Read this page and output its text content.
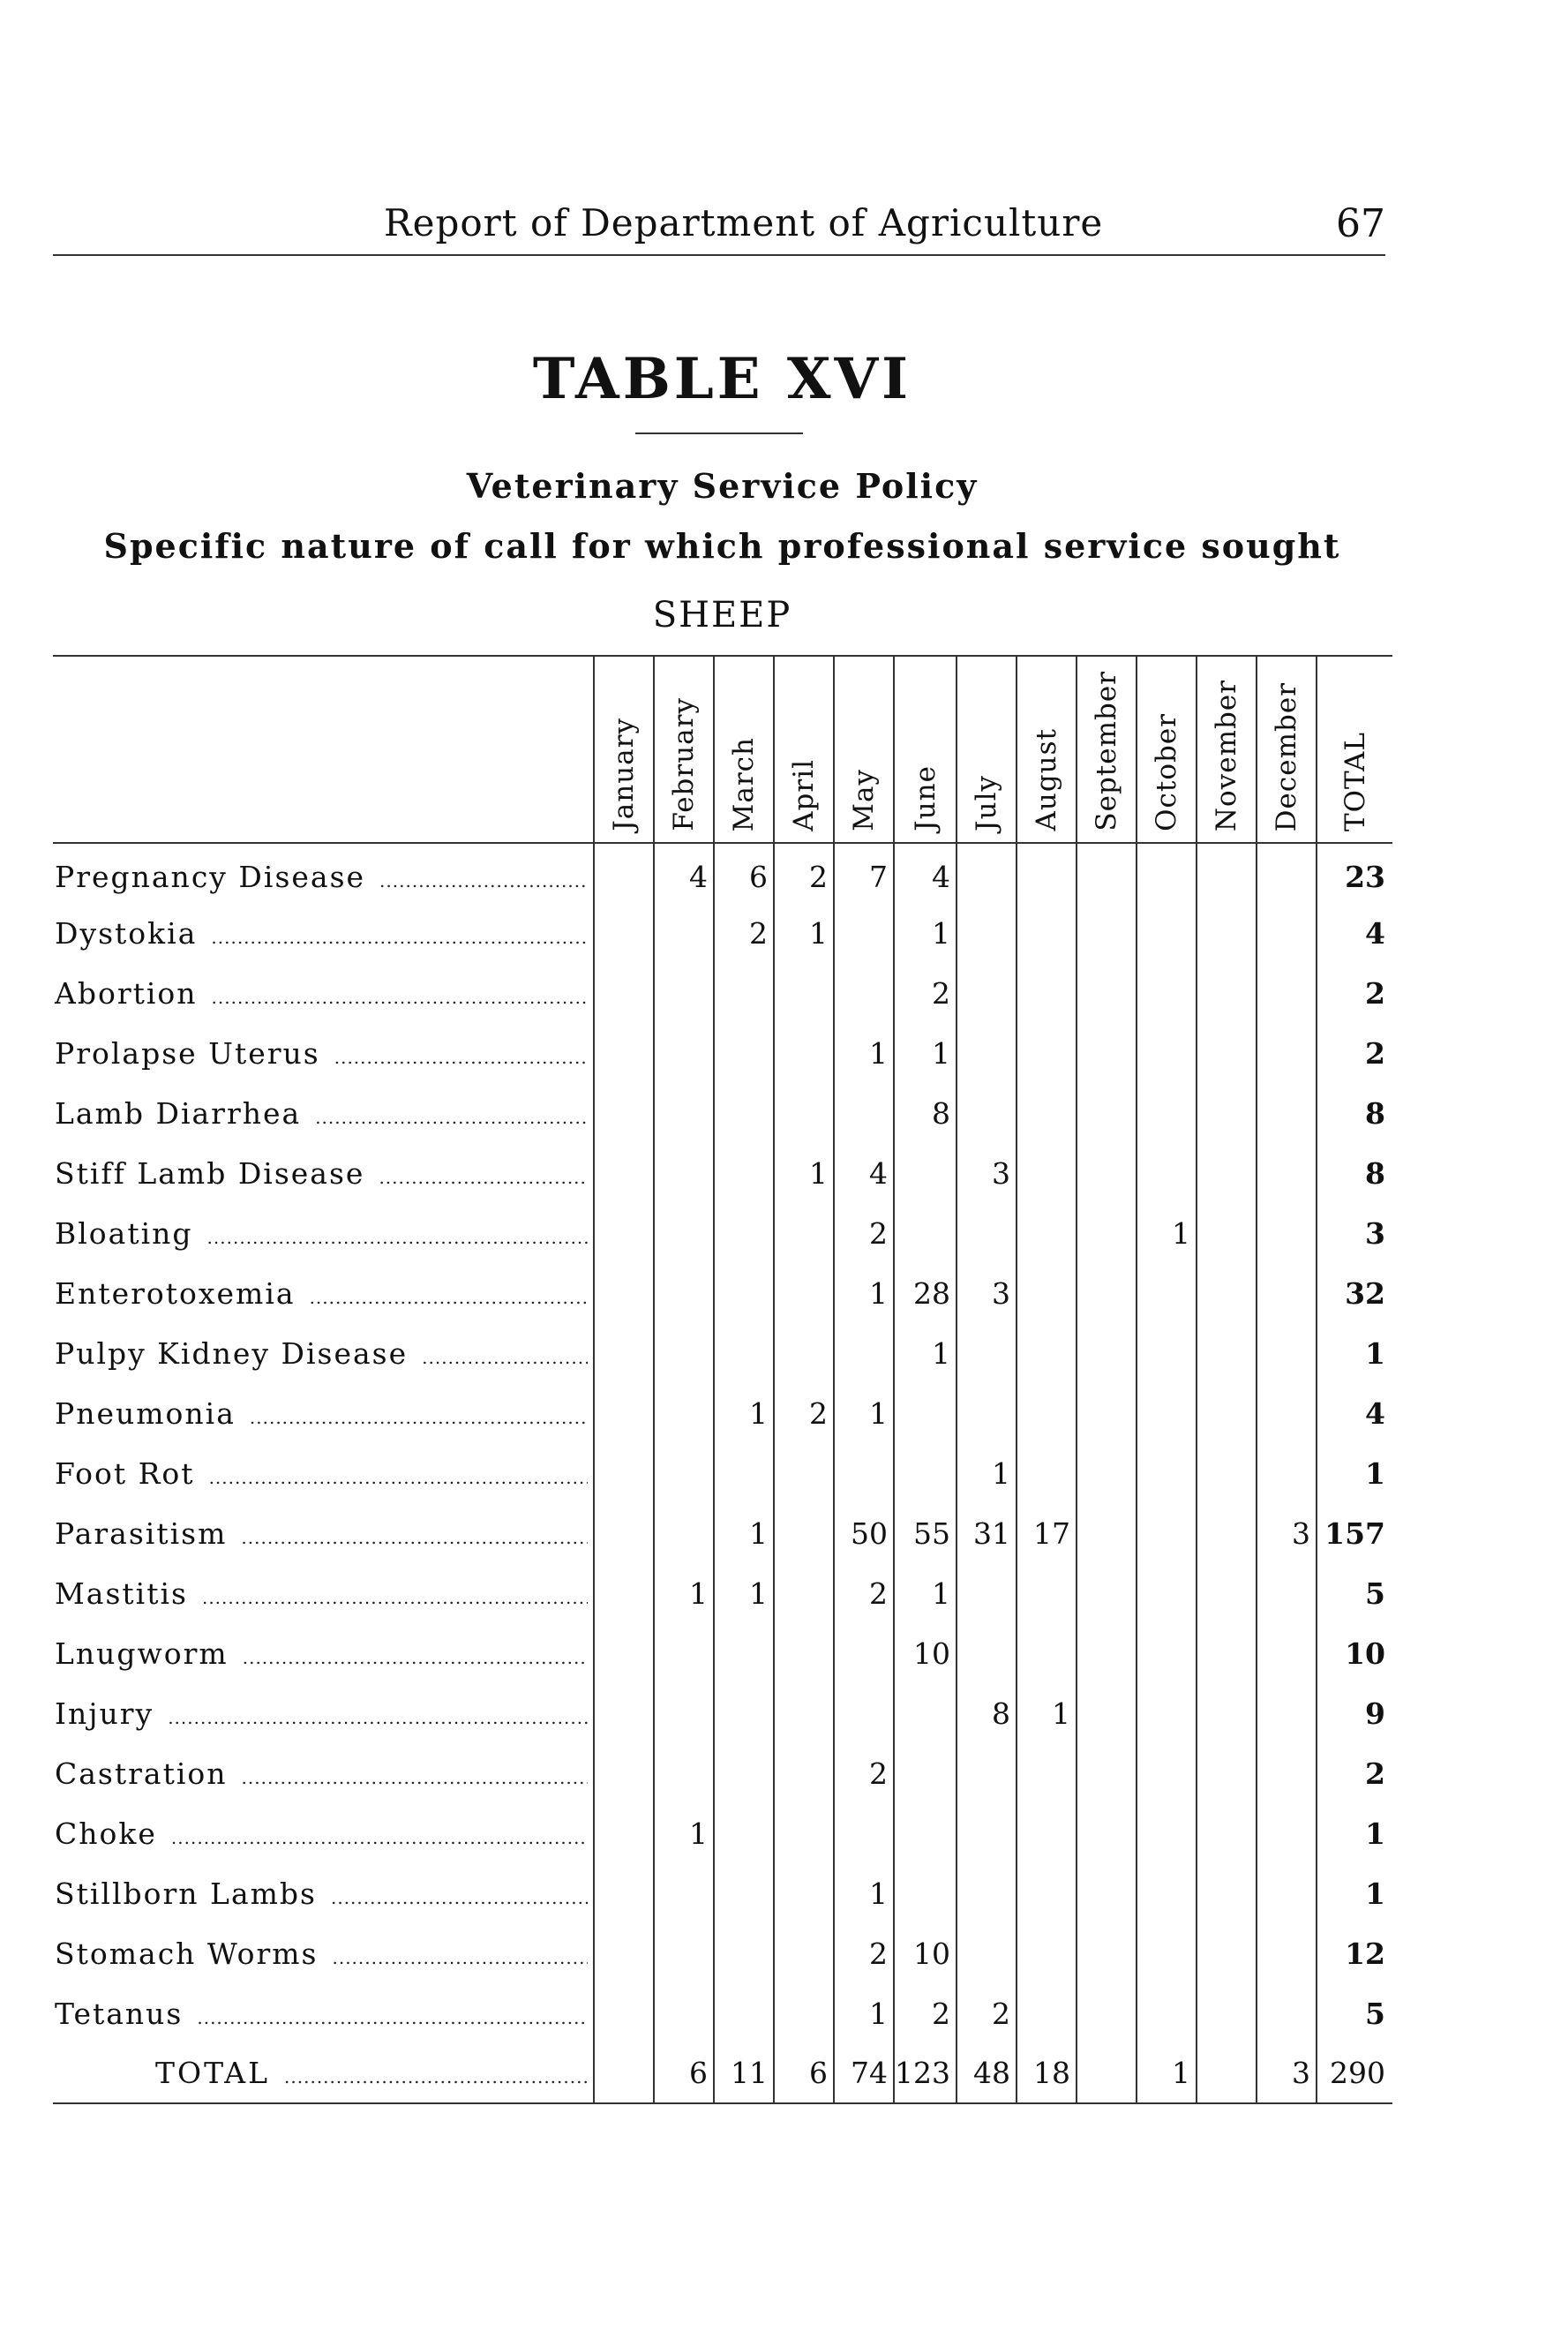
Report of Department of Agriculture	67
TABLE XVI
Veterinary Service Policy
Specific nature of call for which professional service sought
SHEEP

	January	February	March	April	May	June	July	August	September	October	November	December	TOTAL

Pregnancy Disease
.....		4	6	2	7	4							23

Dystokia
.....			2	1		1							4

Abortion
.....						2							2

Prolapse Uterus
.....					1	1							2

Lamb Diarrhea
.....						8							8

Stiff Lamb Disease
.....				1	4		3						8

Bloating
.....					2					1			3

Enterotoxemia
.....					1	28	3						32

Pulpy Kidney Disease
.....						1							1

Pneumonia
.....			1	2	1								4

Foot Rot
.....							1						1

Parasitism
.....			1		50	55	31	17				3	157

Mastitis
.....		1	1		2	1							5

Lnugworm
.....						10							10

Injury
.....							8	1					9

Castration
.....					2								2

Choke
.....		1											1

Stillborn Lambs
.....					1								1

Stomach Worms
.....					2	10							12

Tetanus
.....					1	2	2						5

TOTAL
.....		6	11	6	74	123	48	18		1		3	290
